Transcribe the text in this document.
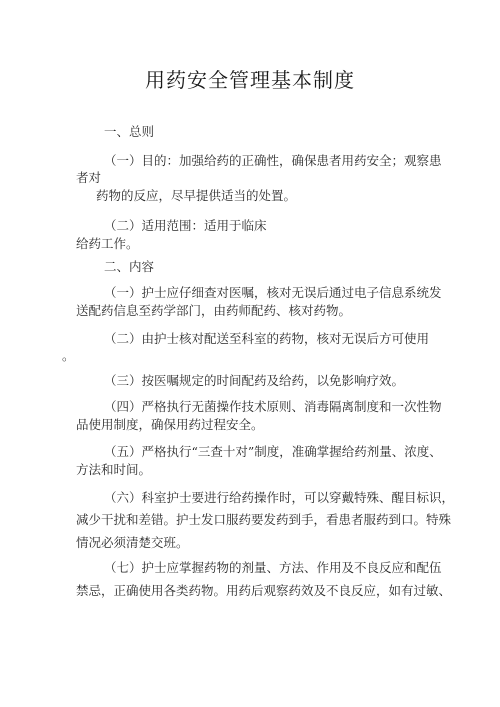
用药安全管理基本制度
一、总则
（一）目的：加强给药的正确性，确保患者用药安全；观察患
者对
药物的反应，尽早提供适当的处置。
（二）适用范围：适用于临床
给药工作。
二、内容
（一）护士应仔细查对医嘱，核对无误后通过电子信息系统发
送配药信息至药学部门，由药师配药、核对药物。
（二）由护士核对配送至科室的药物，核对无误后方可使用
。
（三）按医嘱规定的时间配药及给药，以免影响疗效。
（四）严格执行无菌操作技术原则、消毒隔离制度和一次性物
品使用制度，确保用药过程安全。
（五）严格执行“三查十对”制度，准确掌握给药剂量、浓度、
方法和时间。
（六）科室护士要进行给药操作时，可以穿戴特殊、醒目标识，
减少干扰和差错。护士发口服药要发药到手，看患者服药到口。特殊
情况必须清楚交班。
（七）护士应掌握药物的剂量、方法、作用及不良反应和配伍
禁忌，正确使用各类药物。用药后观察药效及不良反应，如有过敏、
